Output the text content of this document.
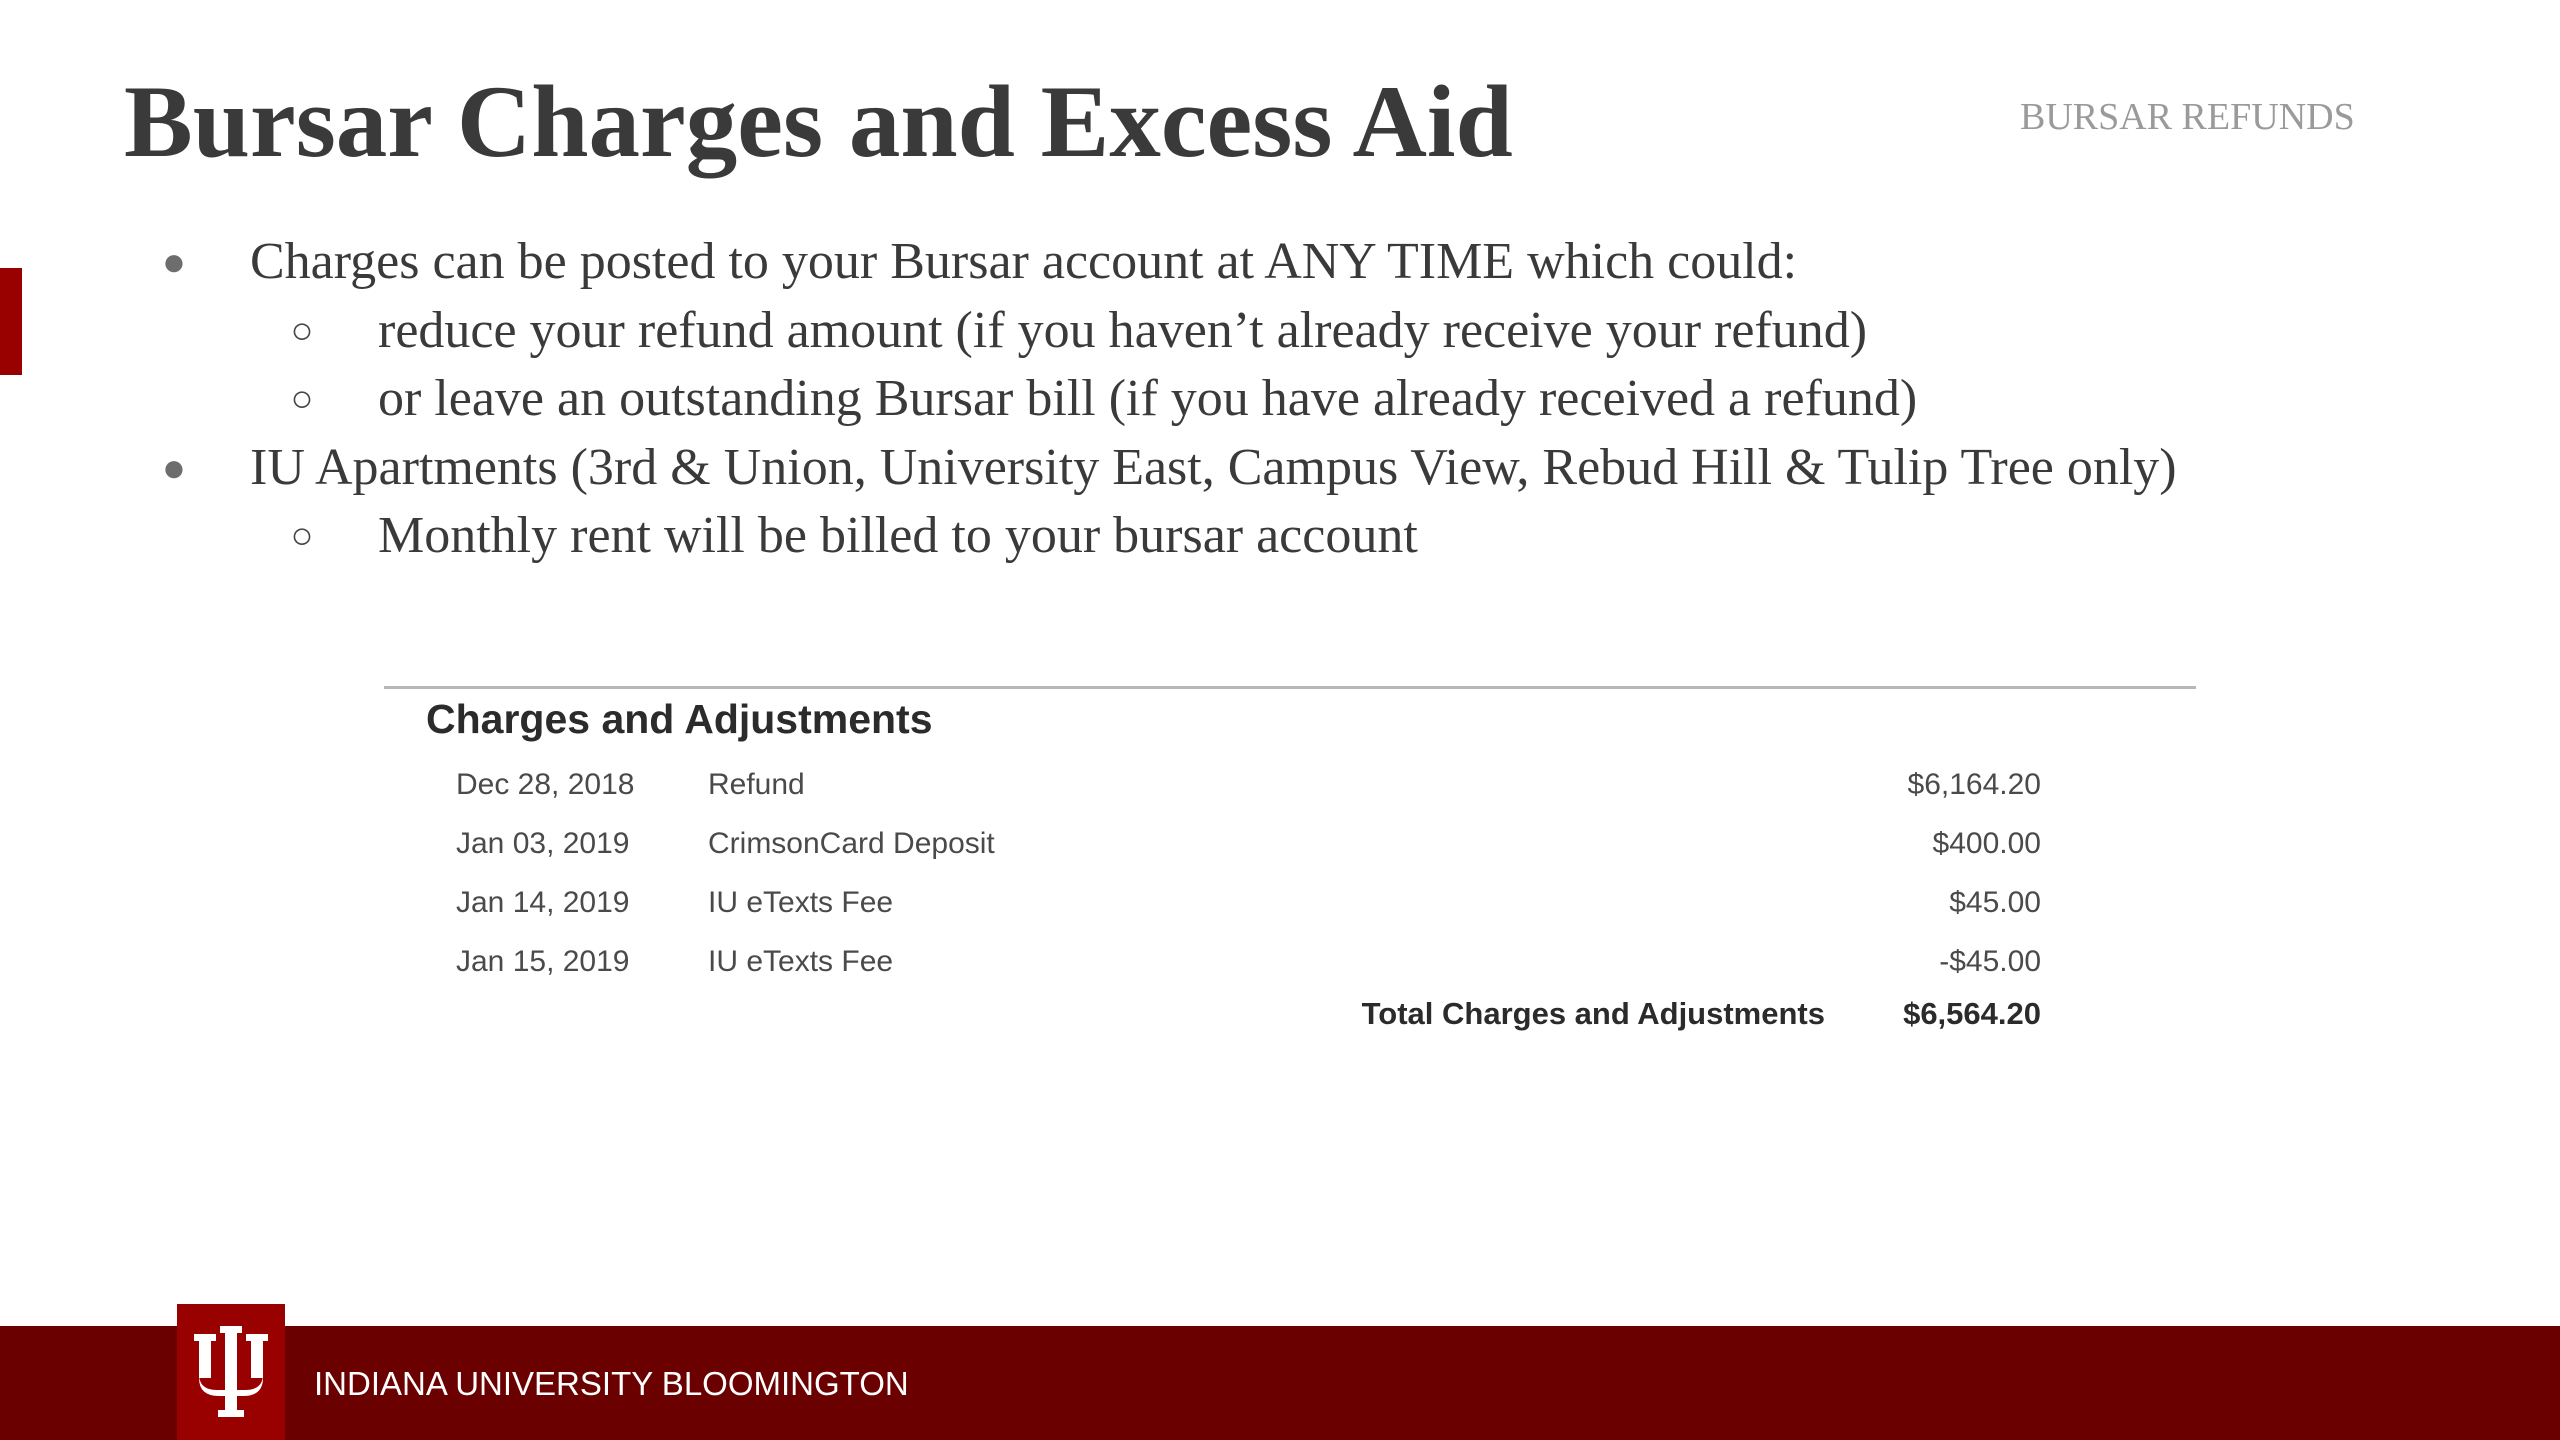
Bursar Charges and Excess Aid	BURSAR REFUNDS
● Charges can be posted to your Bursar account at ANY TIME which could:
○ reduce your refund amount (if you haven’t already receive your refund)
○ or leave an outstanding Bursar bill (if you have already received a refund)
● IU Apartments (3rd & Union, University East, Campus View, Rebud Hill & Tulip Tree only)
○ Monthly rent will be billed to your bursar account
Charges and Adjustments
Dec 28, 2018 Refund	$6,164.20
Jan 03, 2019	CrimsonCard Deposit	$400.00
Jan 14, 2019	IU eTexts Fee	$45.00
Jan 15, 2019	IU eTexts Fee	-$45.00
Total Charges and Adjustments	$6,564.20
INDIANA UNIVERSITY BLOOMINGTON
